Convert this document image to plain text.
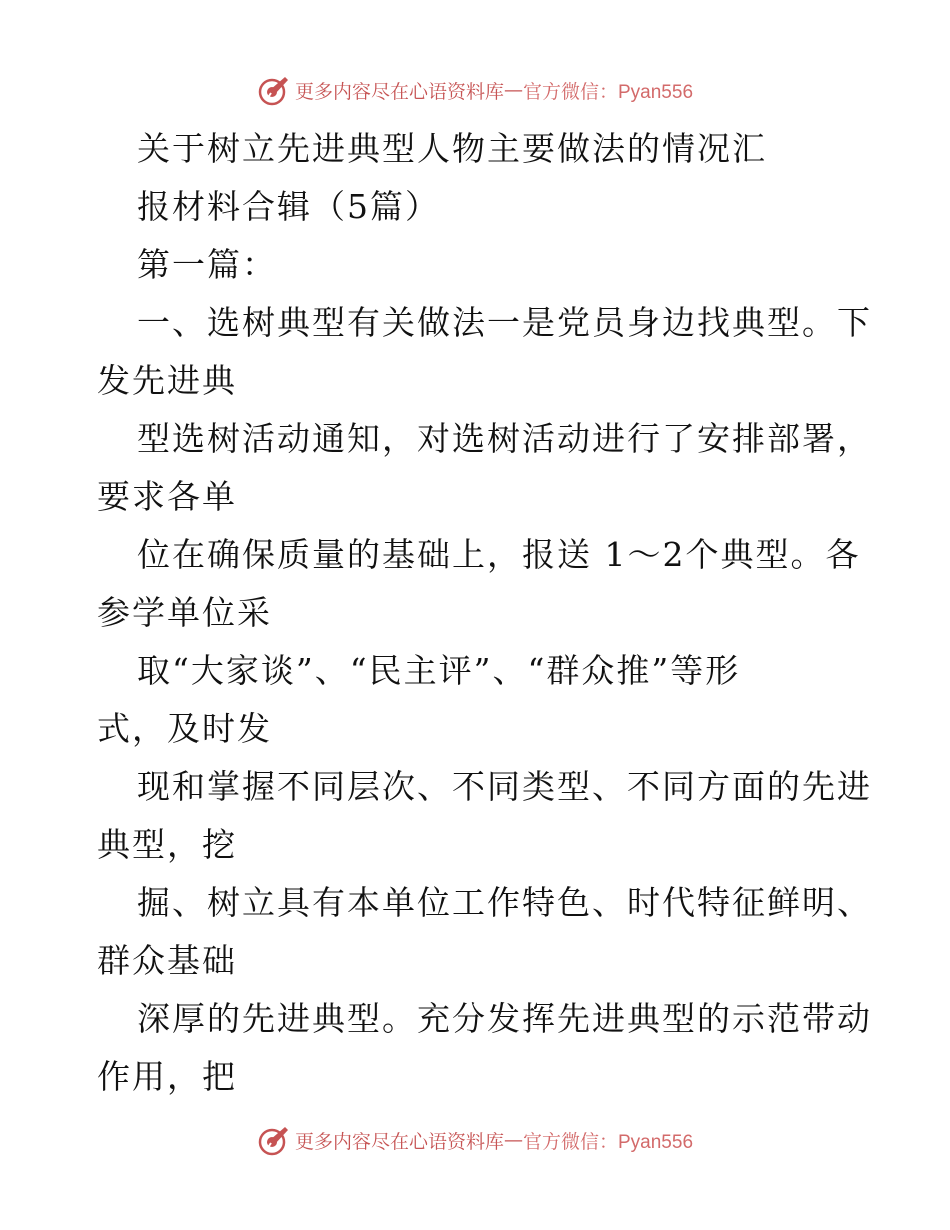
更多内容尽在心语资料库 — 官方微信：Pyan556
关于树立先进典型人物主要做法的情况汇
报材料合辑（5篇）
第一篇：
一、选树典型有关做法一是党员身边找典型。下
发先进典
型选树活动通知，对选树活动进行了安排部署，
要求各单
位在确保质量的基础上，报送 1～2个典型。各
参学单位采
取“大家谈”、“民主评”、“群众推”等形
式，及时发
现和掌握不同层次、不同类型、不同方面的先进
典型，挖
掘、树立具有本单位工作特色、时代特征鲜明、
群众基础
深厚的先进典型。充分发挥先进典型的示范带动
作用，把
更多内容尽在心语资料库 — 官方微信：Pyan556
